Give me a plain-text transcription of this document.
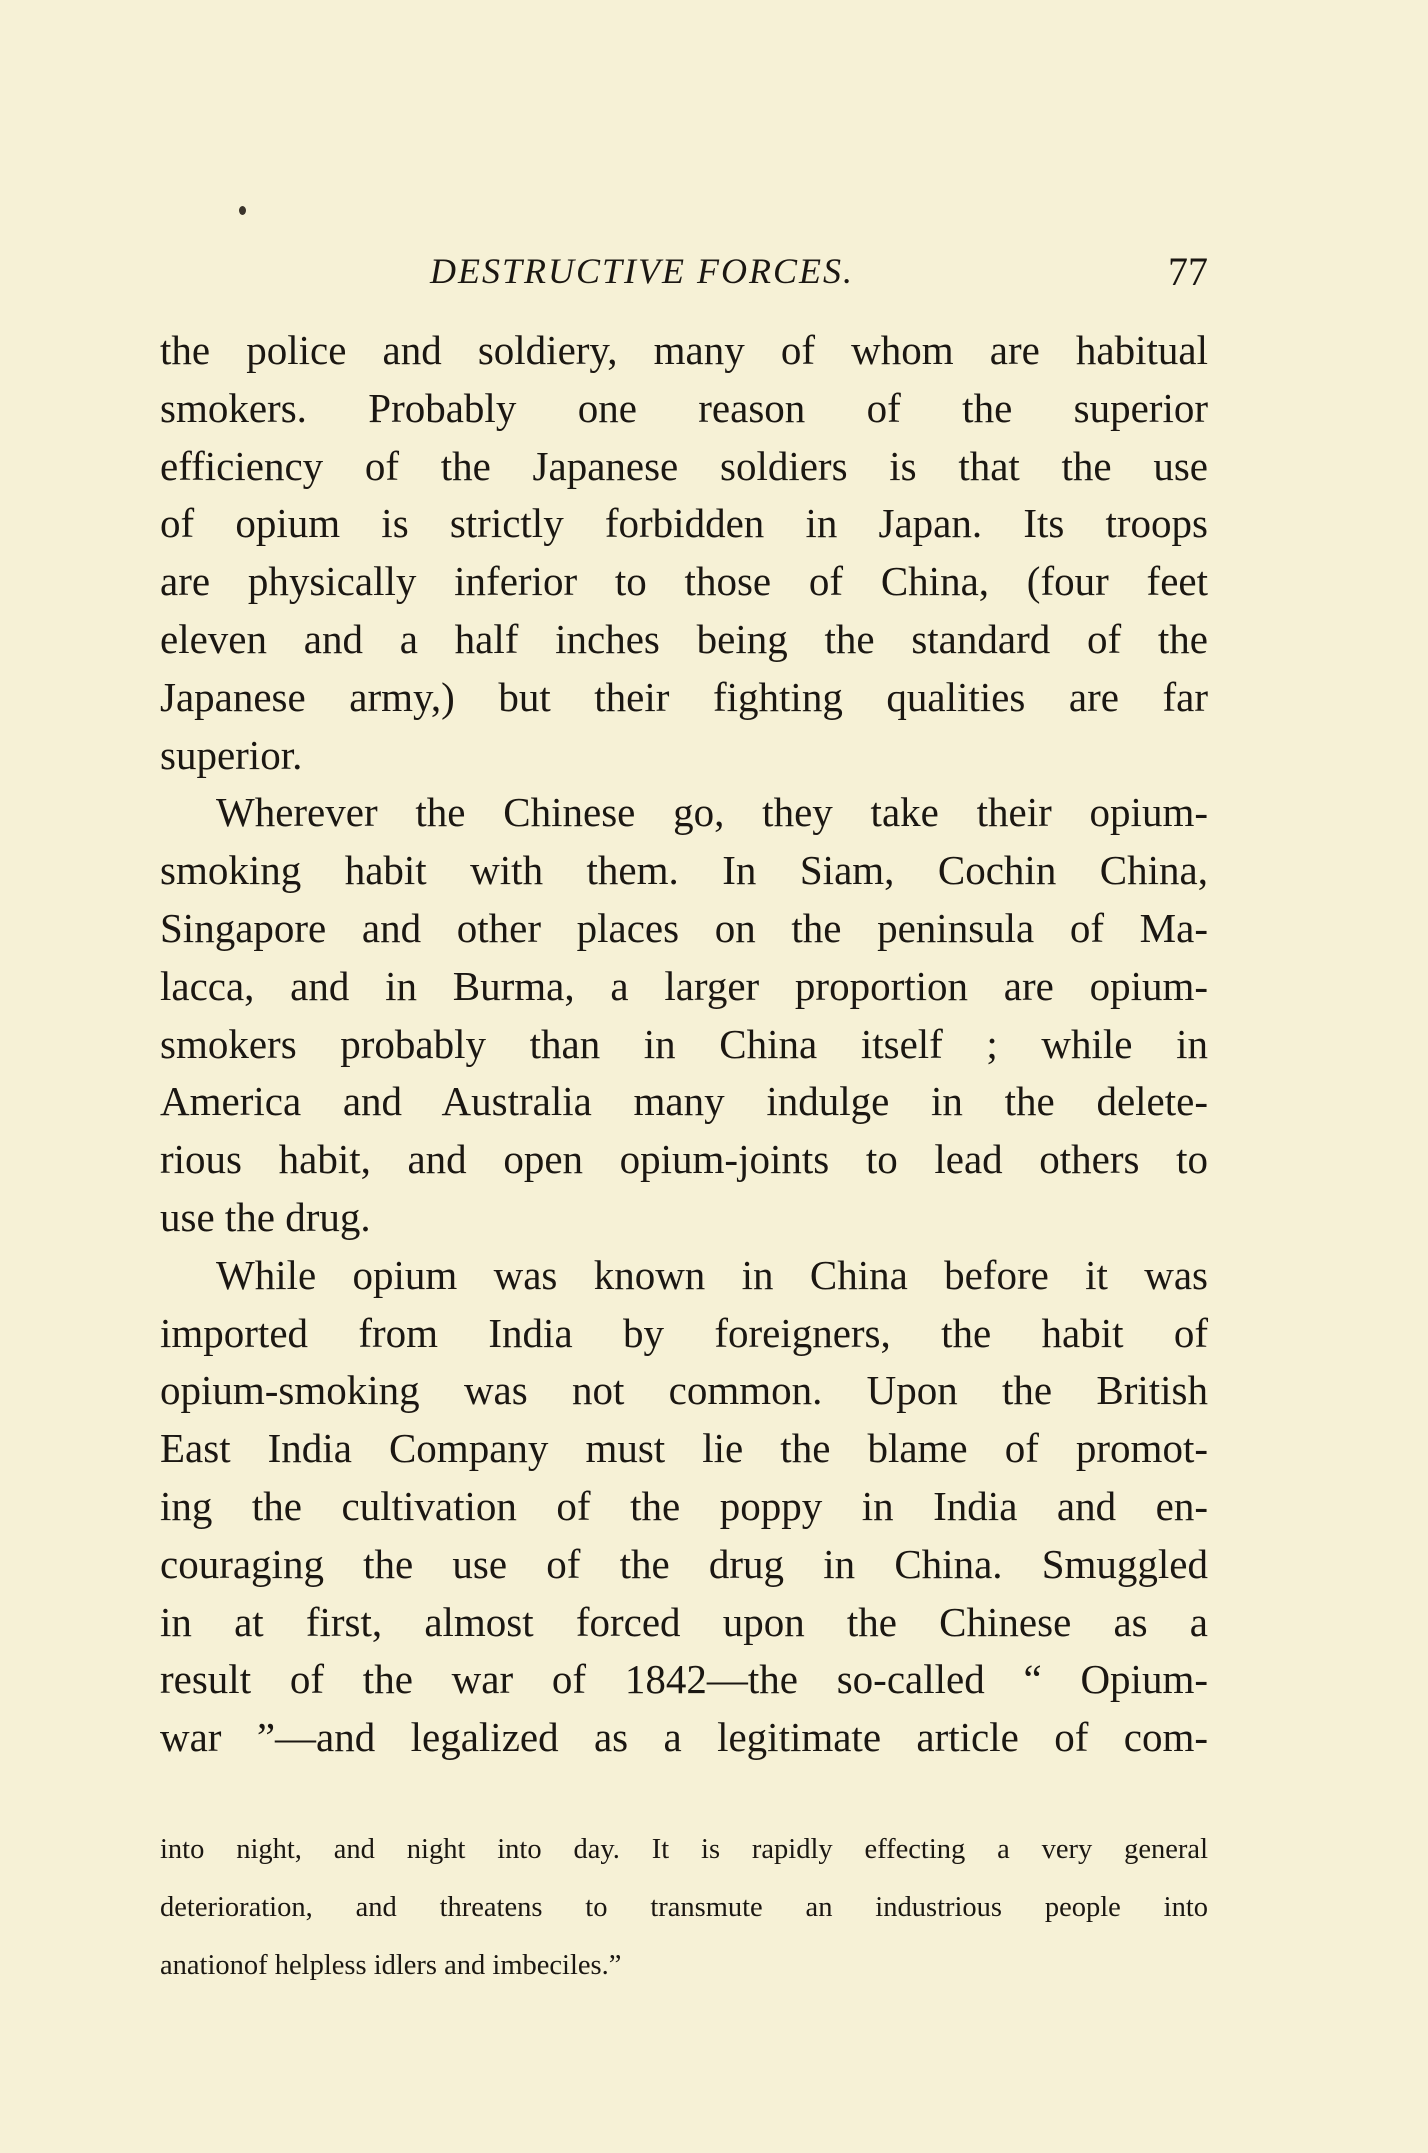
DESTRUCTIVE FORCES.	77
the police and soldiery, many of whom are habitual
smokers. Probably one reason of the superior
efficiency of the Japanese soldiers is that the use
of opium is strictly forbidden in Japan. Its troops
are physically inferior to those of China, (four feet
eleven and a half inches being the standard of the
Japanese army,) but their fighting qualities are far
superior.
Wherever the Chinese go, they take their opium-
smoking habit with them. In Siam, Cochin China,
Singapore and other places on the peninsula of Ma-
lacca, and in Burma, a larger proportion are opium-
smokers probably than in China itself ; while in
America and Australia many indulge in the delete-
rious habit, and open opium-joints to lead others to
use the drug.
While opium was known in China before it was
imported from India by foreigners, the habit of
opium-smoking was not common. Upon the British
East India Company must lie the blame of promot-
ing the cultivation of the poppy in India and en-
couraging the use of the drug in China. Smuggled
in at first, almost forced upon the Chinese as a
result of the war of 1842—the so-called “ Opium-
war ”—and legalized as a legitimate article of com-
into night, and night into day. It is rapidly effecting a very general
deterioration, and threatens to transmute an industrious people into
anationof helpless idlers and imbeciles.”
